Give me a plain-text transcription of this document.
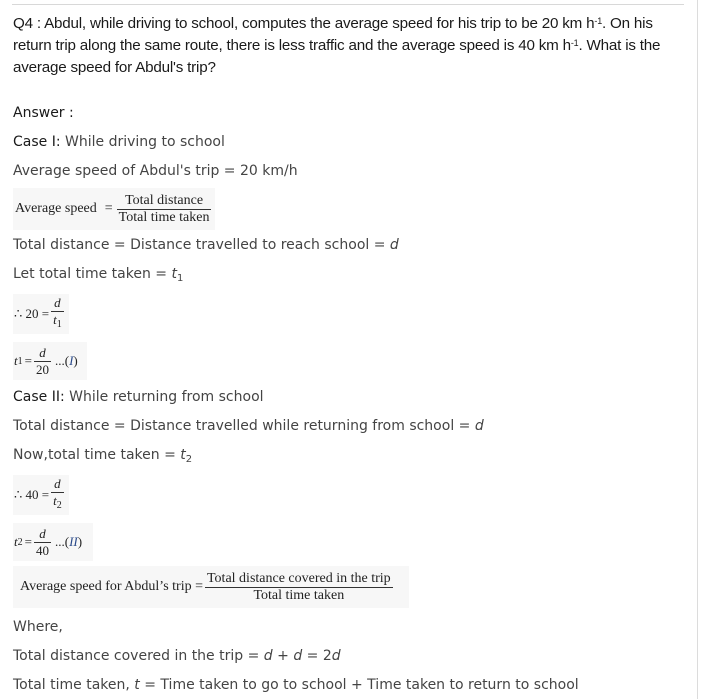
Q4 : Abdul, while driving to school, computes the average speed for his trip to be 20 km $h^{-1}$. On his return trip along the same route, there is less traffic and the average speed is 40 km $h^{-1}$. What is the average speed for Abdul's trip?
Answer :
Case I: While driving to school
Average speed of Abdul's trip = 20 km/h
Average speed = $\frac{\text{Total distance}}{\text{Total time taken}}$
Total distance = Distance travelled to reach school = d
Let total time taken = $t_1$
∴ $20 = \frac{d}{t_1}$
t $1 = \frac{d}{20} ...(I)$
Case II: While returning from school
Total distance = Distance travelled while returning from school = d
Now,total time taken = $t_2$
∴ $40 = \frac{d}{t_2}$
t $2 = \frac{d}{40} ...(II)$
Average speed for Abdul’s trip = $\frac{\text{Total distance covered in the trip}}{\text{Total time taken}}$
Where,
Total distance covered in the trip = d + d = 2d
Total time taken, t = Time taken to go to school + Time taken to return to school
